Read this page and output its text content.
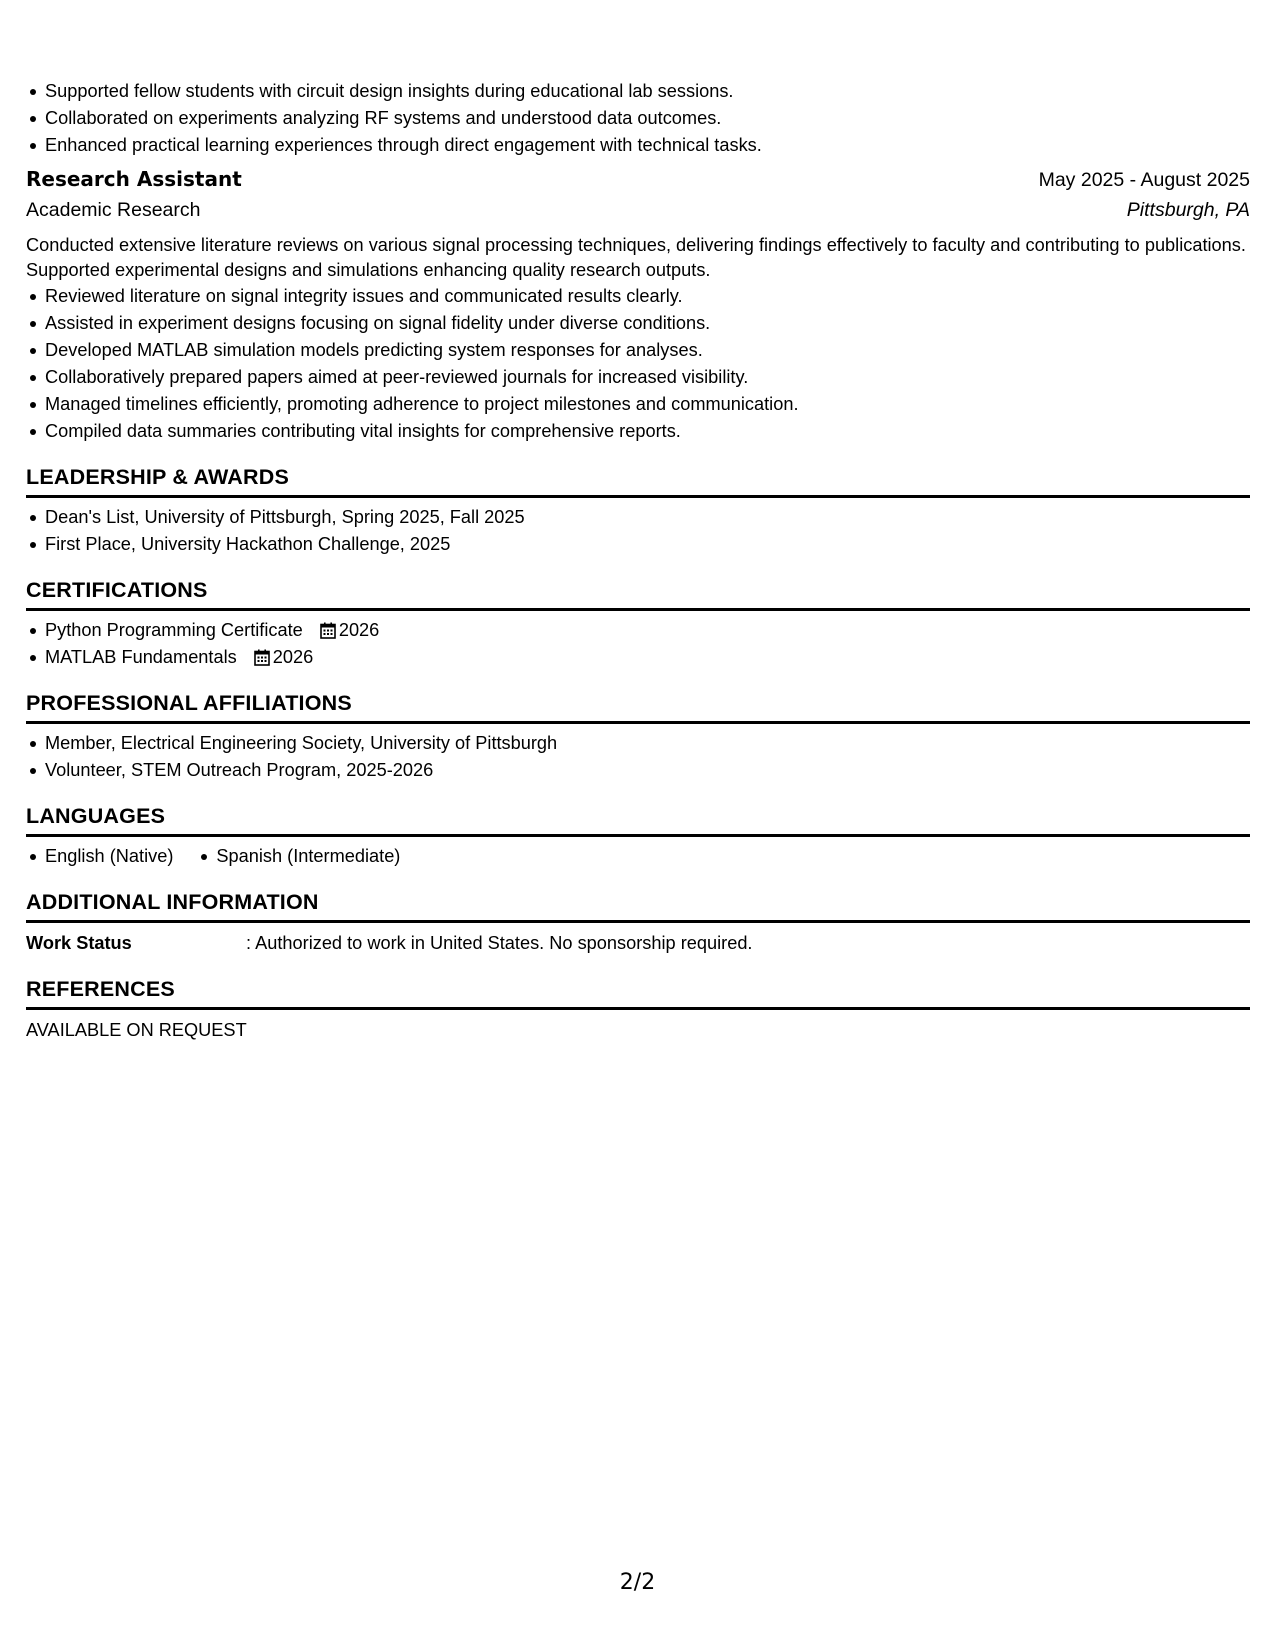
Supported fellow students with circuit design insights during educational lab sessions.
Collaborated on experiments analyzing RF systems and understood data outcomes.
Enhanced practical learning experiences through direct engagement with technical tasks.
Research Assistant	May 2025 - August 2025
Academic Research	Pittsburgh, PA
Conducted extensive literature reviews on various signal processing techniques, delivering findings effectively to faculty and contributing to publications. Supported experimental designs and simulations enhancing quality research outputs.
Reviewed literature on signal integrity issues and communicated results clearly.
Assisted in experiment designs focusing on signal fidelity under diverse conditions.
Developed MATLAB simulation models predicting system responses for analyses.
Collaboratively prepared papers aimed at peer-reviewed journals for increased visibility.
Managed timelines efficiently, promoting adherence to project milestones and communication.
Compiled data summaries contributing vital insights for comprehensive reports.
LEADERSHIP & AWARDS
Dean's List, University of Pittsburgh, Spring 2025, Fall 2025
First Place, University Hackathon Challenge, 2025
CERTIFICATIONS
Python Programming Certificate 2026
MATLAB Fundamentals 2026
PROFESSIONAL AFFILIATIONS
Member, Electrical Engineering Society, University of Pittsburgh
Volunteer, STEM Outreach Program, 2025-2026
LANGUAGES
English (Native)	Spanish (Intermediate)
ADDITIONAL INFORMATION
Work Status	: Authorized to work in United States. No sponsorship required.
REFERENCES
AVAILABLE ON REQUEST
2/2
